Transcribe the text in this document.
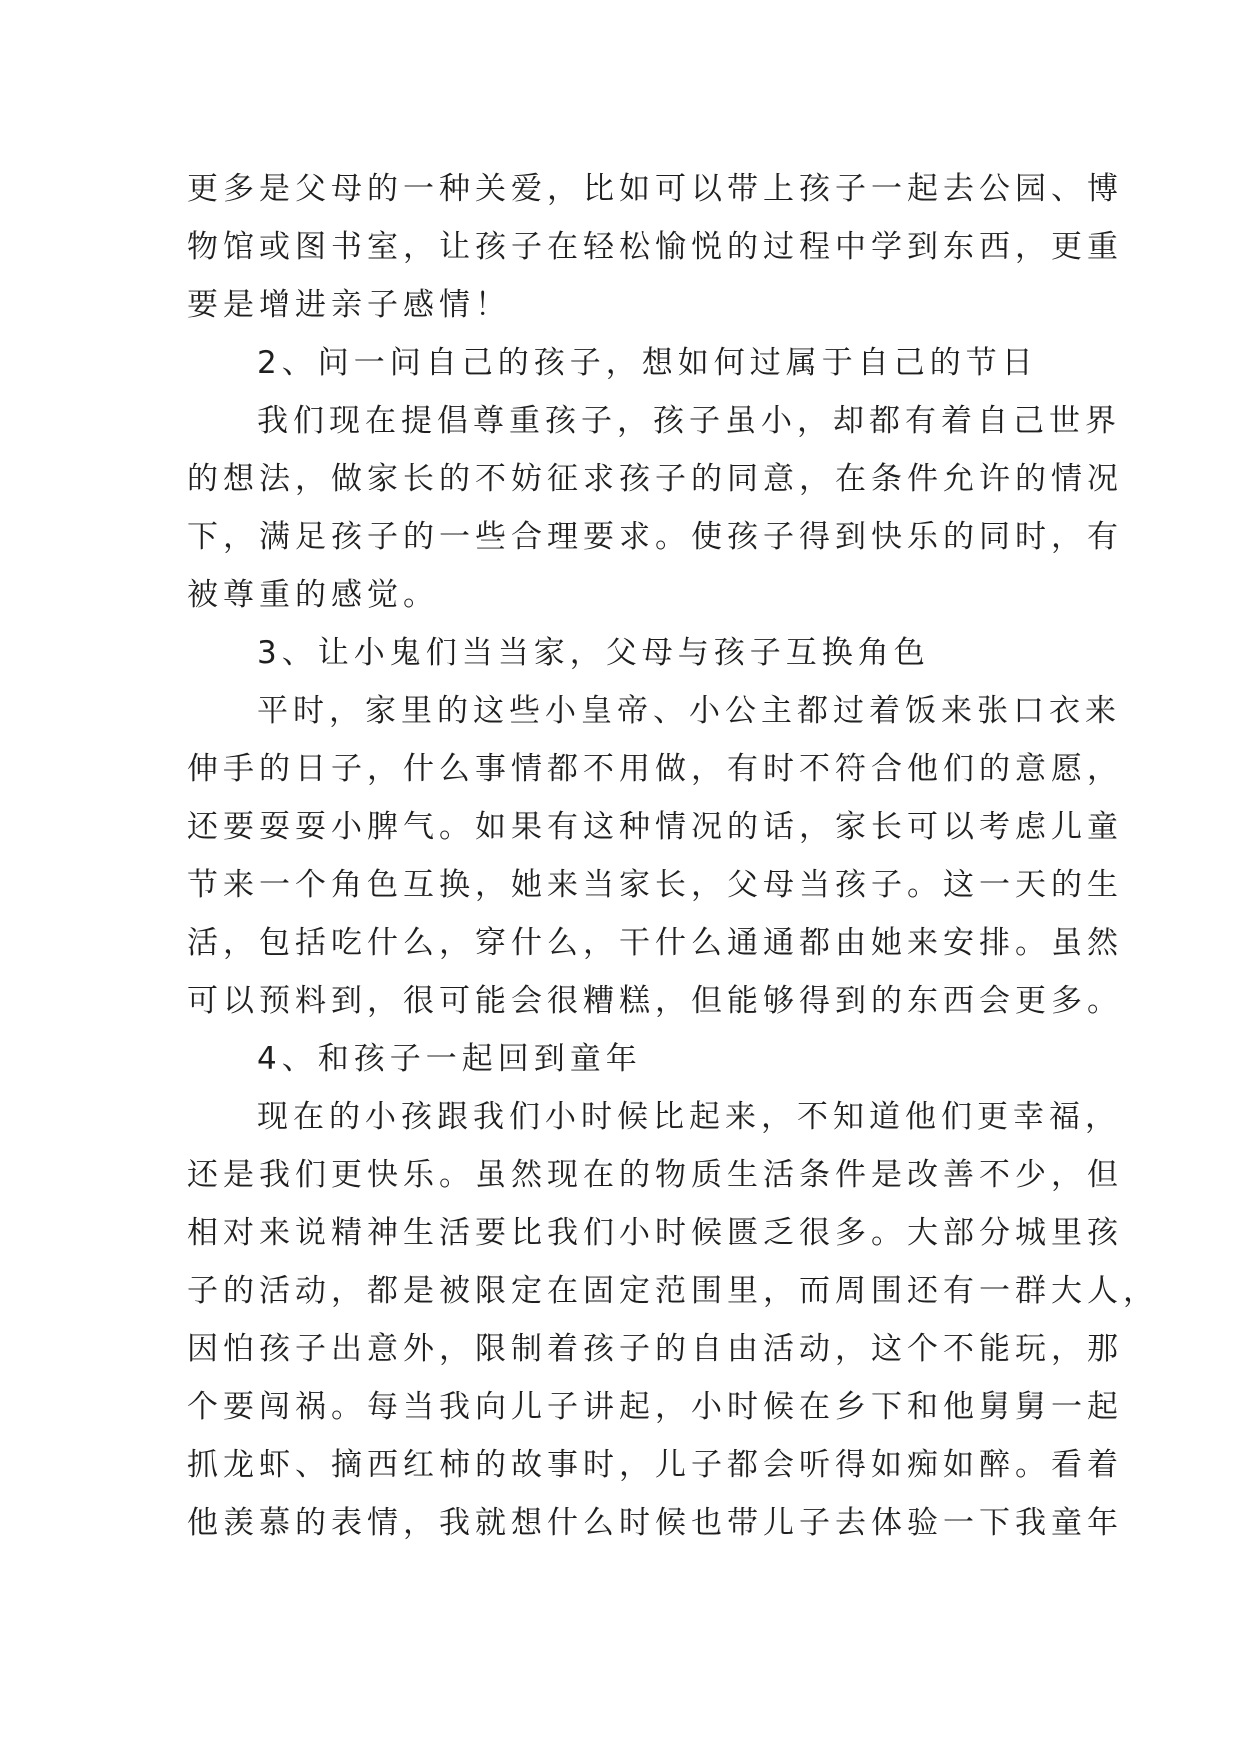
更多是父母的一种关爱，比如可以带上孩子一起去公园、博
物馆或图书室，让孩子在轻松愉悦的过程中学到东西，更重
要是增进亲子感情！
2、问一问自己的孩子，想如何过属于自己的节日
我们现在提倡尊重孩子，孩子虽小，却都有着自己世界
的想法，做家长的不妨征求孩子的同意，在条件允许的情况
下，满足孩子的一些合理要求。使孩子得到快乐的同时，有
被尊重的感觉。
3、让小鬼们当当家，父母与孩子互换角色
平时，家里的这些小皇帝、小公主都过着饭来张口衣来
伸手的日子，什么事情都不用做，有时不符合他们的意愿，
还要耍耍小脾气。如果有这种情况的话，家长可以考虑儿童
节来一个角色互换，她来当家长，父母当孩子。这一天的生
活，包括吃什么，穿什么，干什么通通都由她来安排。虽然
可以预料到，很可能会很糟糕，但能够得到的东西会更多。
4、和孩子一起回到童年
现在的小孩跟我们小时候比起来，不知道他们更幸福，
还是我们更快乐。虽然现在的物质生活条件是改善不少，但
相对来说精神生活要比我们小时候匮乏很多。大部分城里孩
子的活动，都是被限定在固定范围里，而周围还有一群大人，
因怕孩子出意外，限制着孩子的自由活动，这个不能玩，那
个要闯祸。每当我向儿子讲起，小时候在乡下和他舅舅一起
抓龙虾、摘西红柿的故事时，儿子都会听得如痴如醉。看着
他羡慕的表情，我就想什么时候也带儿子去体验一下我童年
